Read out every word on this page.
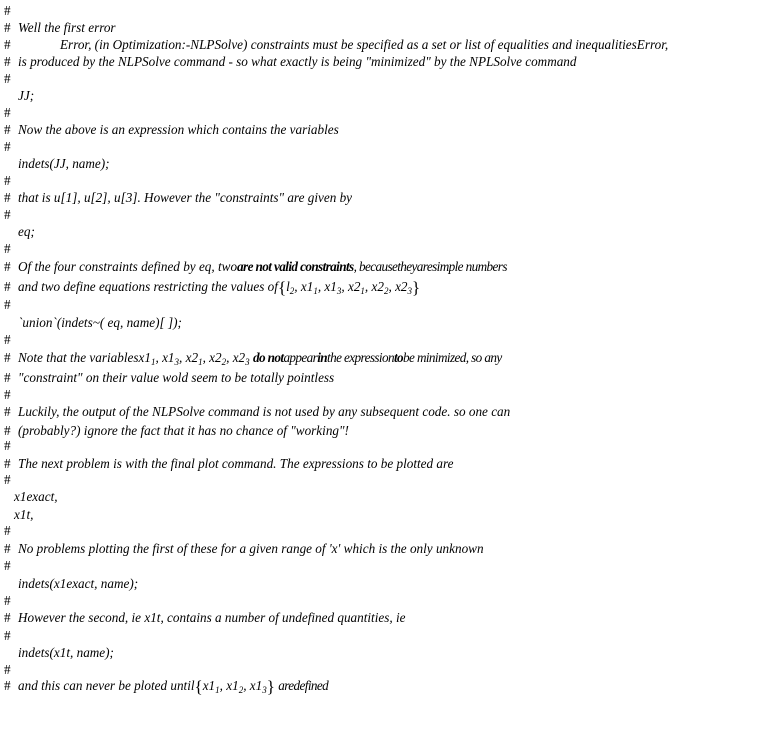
#
# Well the first error
#	Error, (in Optimization:-NLPSolve) constraints must be specified as a set or list of equalities and inequalitiesError,
# is produced by the NLPSolve command - so what exactly is being "minimized" by the NPLSolve command
#
JJ;
#
# Now the above is an expression which contains the variables
#
indets(JJ, name);
#
# that is u[1], u[2], u[3]. However the "constraints" are given by
#
eq;
#
# Of the four constraints defined by eq, twoare not valid constraints, becausetheyaresimple numbers
# and two define equations restricting the values $of\{l_2$, $x1_1$, $x1_3$, $x2_1$, $x2_2$, $x2_3$}
#
`union`(indets~( eq, name)[ ]);
#
# Note that the $variablesx1_1$, $x1_3$, $x2_1$, $x2_2$, $x2_3$ do notappearinthe expressiontobe minimized, so any
# "constraint" on their value wold seem to be totally pointless
#
# Luckily, the output of the NLPSolve command is not used by any subsequent code. so one can
# (probably?) ignore the fact that it has no chance of "working"!
#
# The next problem is with the final plot command. The expressions to be plotted are
#
x1exact,
x1t,
#
# No problems plotting the first of these for a given range of 'x' which is the only unknown
#
indets(x1exact, name);
#
# However the second, ie x1t, contains a number of undefined quantities, ie
#
indets(x1t, name);
#
# and this can never be ploted $until\{x1_1$, $x1_2$, $x1_3$} aredefined
